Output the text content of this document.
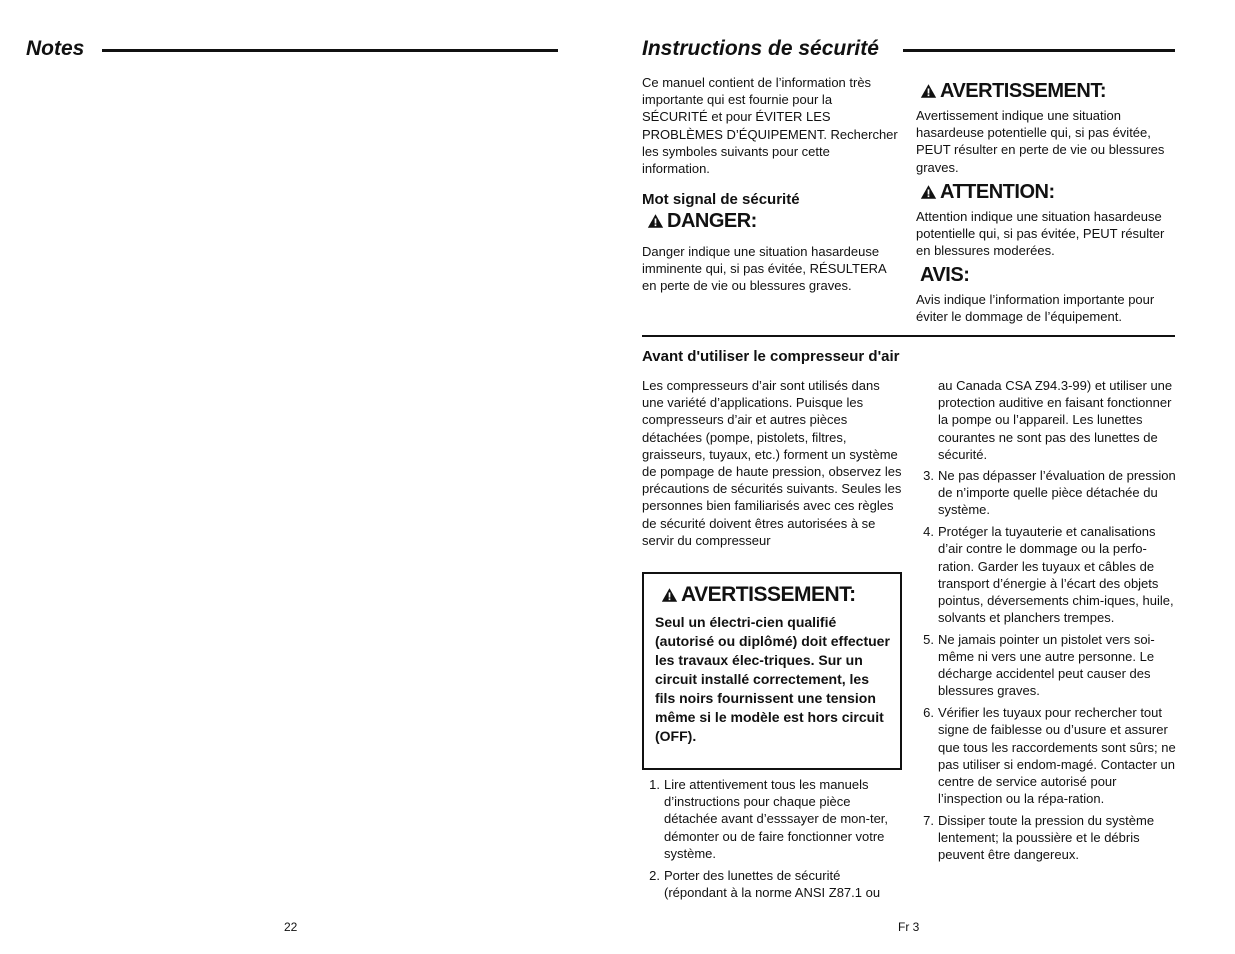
Notes
22
Instructions de sécurité
Ce manuel contient de l’information très importante qui est fournie pour la SÉCURITÉ et pour ÉVITER LES PROBLÈMES D’ÉQUIPEMENT. Rechercher les symboles suivants pour cette information.
Mot signal de sécurité
DANGER:
Danger indique une situation hasardeuse imminente qui, si pas évitée, RÉSULTERA en perte de vie ou blessures graves.
AVERTISSEMENT:
Avertissement indique une situation hasardeuse potentielle qui, si pas évitée, PEUT résulter en perte de vie ou blessures graves.
ATTENTION:
Attention indique une situation hasardeuse potentielle qui, si pas évitée, PEUT résulter en blessures moderées.
AVIS:
Avis indique l’information importante pour éviter le dommage de l’équipement.
Avant d'utiliser le compresseur d'air
Les compresseurs d’air sont utilisés dans une variété d’applications. Puisque les compresseurs d’air et autres pièces détachées (pompe, pistolets, filtres, graisseurs, tuyaux, etc.) forment un système de pompage de haute pression, observez les précautions de sécurités suivants. Seules les personnes bien familiarisés avec ces règles de sécurité doivent êtres autorisées à se servir du compresseur
AVERTISSEMENT:
Seul un électri-cien qualifié (autorisé ou diplômé) doit effectuer les travaux élec-triques. Sur un circuit installé correctement, les fils noirs fournissent une tension même si le modèle est hors circuit (OFF).
1. Lire attentivement tous les manuels d’instructions pour chaque pièce détachée avant d’esssayer de mon-ter, démonter ou de faire fonctionner votre système.
2. Porter des lunettes de sécurité (répondant à la norme ANSI Z87.1 ou
au Canada CSA Z94.3-99) et utiliser une protection auditive en faisant fonctionner la pompe ou l’appareil. Les lunettes courantes ne sont pas des lunettes de sécurité.
3. Ne pas dépasser l’évaluation de pression de n’importe quelle pièce détachée du système.
4. Protéger la tuyauterie et canalisations d’air contre le dommage ou la perfo-ration. Garder les tuyaux et câbles de transport d’énergie à l’écart des objets pointus, déversements chim-iques, huile, solvants et planchers trempes.
5. Ne jamais pointer un pistolet vers soi-même ni vers une autre personne. Le décharge accidentel peut causer des blessures graves.
6. Vérifier les tuyaux pour rechercher tout signe de faiblesse ou d’usure et assurer que tous les raccordements sont sûrs; ne pas utiliser si endom-magé. Contacter un centre de service autorisé pour l’inspection ou la répa-ration.
7. Dissiper toute la pression du système lentement; la poussière et le débris peuvent être dangereux.
Fr 3
